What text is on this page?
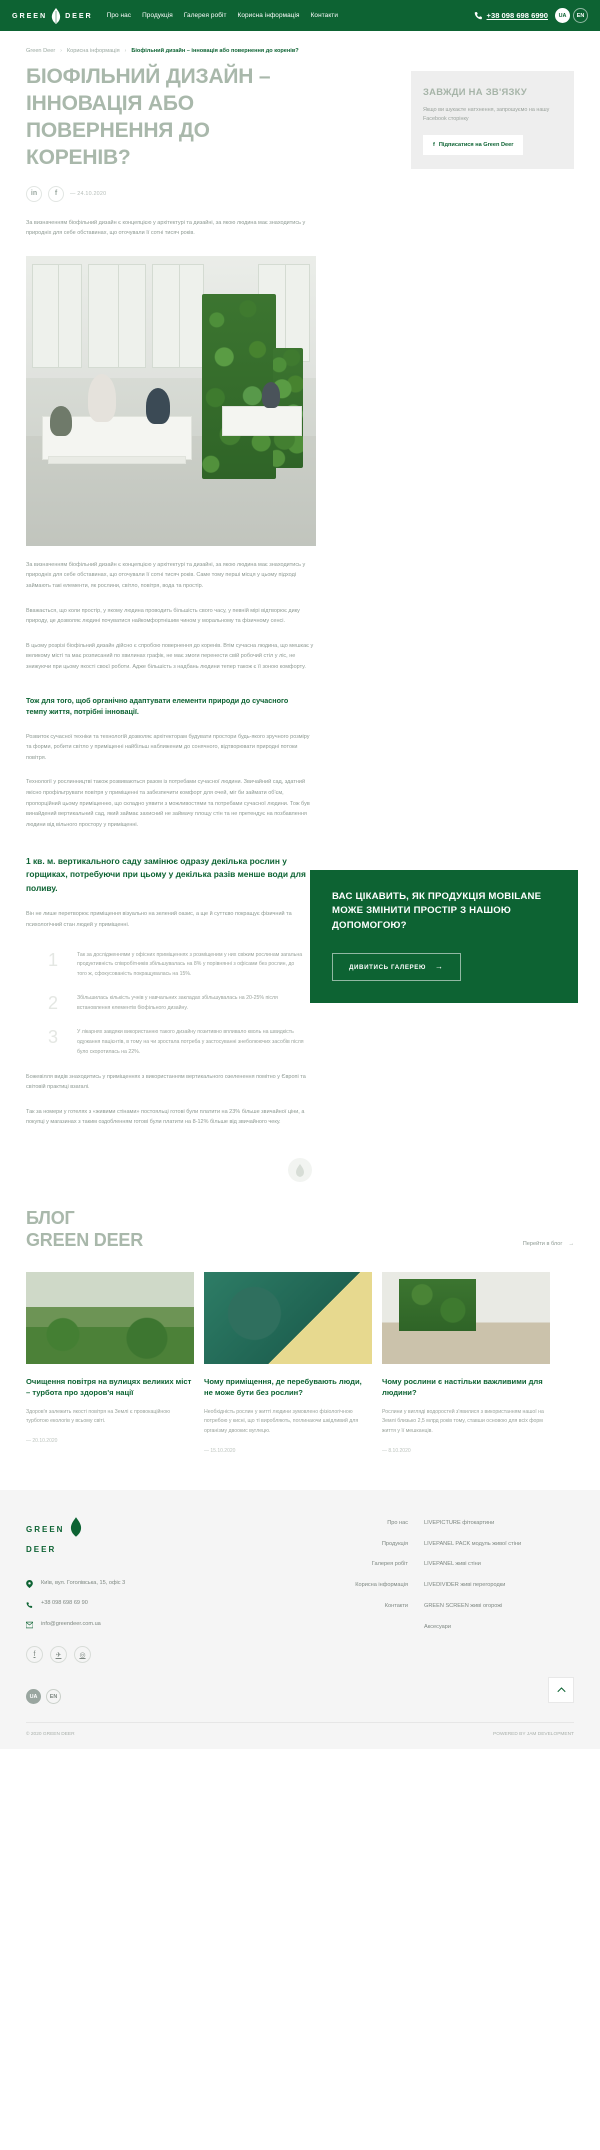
GREEN	DEER Про нас Продукція Галерея робіт Корисна інформація Контакти	+38 098 698 6990	UA	EN
Green Deer › Корисна інформація › Біофільний дизайн – інновація або повернення до коренів?
БІОФІЛЬНИЙ ДИЗАЙН – ІННОВАЦІЯ АБО ПОВЕРНЕННЯ ДО КОРЕНІВ?
in	f	— 24.10.2020
ЗАВЖДИ НА ЗВ'ЯЗКУ

Якщо ви шукаєте натхнення, запрошуємо на нашу Facebook сторінку

f Підписатися на Green Deer

За визначенням біофільний дизайн є концепцією у архітектурі та дизайні, за якою людина має знаходитись у природніх для себе обставинах, що оточували її сотні тисяч років.

За визначенням біофільний дизайн є концепцією у архітектурі та дизайні, за якою людина має знаходитись у природніх для себе обставинах, що оточували її сотні тисяч років. Саме тому перші місця у цьому підході займають такі елементи, як рослини, світло, повітря, вода та простір.

Вважається, що коли простір, у якому людина проводить більшість свого часу, у певній мірі відтворює дику природу, це дозволяє людині почуватися найкомфортнішим чином у моральному та фізичному сенсі.

В цьому розрізі біофільний дизайн дійсно є спробою повернення до коренів. Втім сучасна людина, що мешкає у великому місті та має розписаний по хвилинах графік, не має змоги перенести свій робочий стіл у ліс, не знижуючи при цьому якості своєї роботи. Адже більшість з надбань людини тепер також є її зоною комфорту.

Тож для того, щоб органічно адаптувати елементи природи до сучасного темпу життя, потрібні інновації.

Розвиток сучасної техніки та технологій дозволяє архітекторам будувати простори будь-якого зручного розміру та форми, робити світло у приміщенні найбільш наближеним до сонячного, відтворювати природні потоки повітря.

Технології у рослинництві також розвиваються разом із потребами сучасної людини. Звичайний сад, здатний якісно профільтрувати повітря у приміщенні та забезпечити комфорт для очей, міг би займати об'єм, пропорційний цьому приміщенню, що складно уявити з можливостями та потребами сучасної людини. Тож був винайдений вертикальний сад, який займає захисний не займачу площу стін та не претендує на позбавлення людини від вільного простору у приміщенні.

1 кв. м. вертикального саду замінює одразу декілька рослин у горщиках, потребуючи при цьому у декілька разів менше води для поливу.

Він не лише перетворює приміщення візуально на зелений оазис, а ще й суттєво покращує фізичний та психологічний стан людей у приміщенні.

1	Так за дослідженнями у офісних приміщеннях з розміщеним у них свіжим рослинам загальна продуктивність співробітників збільшувалась на 8% у порівнянні з офісами без рослин, до того ж, сфокусованість покращувалась на 15%.
2	Збільшилась кількість учнів у навчальних закладах збільшувалась на 20-25% після встановлення елементів біофільного дизайну.
3	У лікарнях завдяки використанню такого дизайну позитивно впливало кволь на швидкість одужання пацієнтів, в тому на чи зростала потреба у застосуванні знеболюючих засобів після було скоротилась на 22%.

Божевілля видів знаходитись у приміщеннях з використанням вертикального озеленення помітно у Європі та світовій практиці взагалі.

Так за номери у готелях з «живими стінами» постояльці готові були платити на 23% більше звичайної ціни, а покупці у магазинах з таким оздобленням готові були платити на 8-12% більше від звичайного чеку.

ВАС ЦІКАВИТЬ, ЯК ПРОДУКЦІЯ MOBILANE МОЖЕ ЗМІНИТИ ПРОСТІР З НАШОЮ ДОПОМОГОЮ?
ДИВИТИСЬ ГАЛЕРЕЮ →
БЛОГ
GREEN DEER	Перейти в блог →
Очищення повітря на вулицях великих міст – турбота про здоров'я нації

Здоров'я залежить якості повітря на Землі є провокаційною турботою екологів у всьому світі.

— 20.10.2020
Чому приміщення, де перебувають люди, не може бути без рослин?

Необхідність рослин у житті людини зумовлено фізіологічною потребою у кисні, що ті виробляють, поглинаючи шкідливий для організму двоокис вуглецю.

— 15.10.2020
Чому рослини є настільки важливими для людини?

Рослини у вигляді водоростей з'явилися з використанням нашої на Землі близько 2,5 млрд років тому, ставши основою для всіх форм життя у її мешканців.

— 8.10.2020
GREEN
DEER
Київ, вул. Гоголівська, 15, офіс 3
+38 098 698 69 90
info@greendeer.com.ua
f	✈	◎
UA	EN
Про нас
Продукція
Галерея робіт
Корисна інформація
Контакти
LIVEPICTURE фітокартини
LIVEPANEL PACK модуль живої стіни
LIVEPANEL живі стіни
LIVEDIVIDER живі перегородки
GREEN SCREEN живі огорожі
Аксесуари
© 2020 GREEN DEER	POWERED BY JAM DEVELOPMENT
